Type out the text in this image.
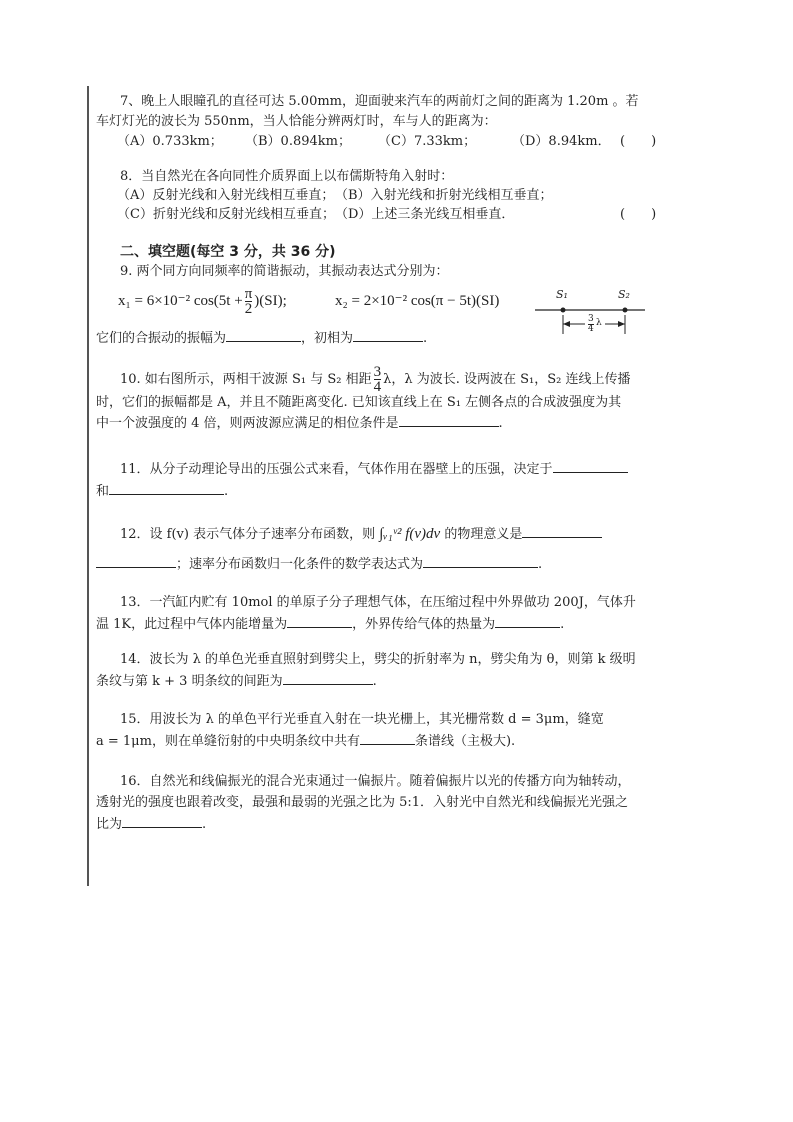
7、晚上人眼瞳孔的直径可达 5.00mm，迎面驶来汽车的两前灯之间的距离为 1.20m 。若
车灯灯光的波长为 550nm，当人恰能分辨两灯时，车与人的距离为：
（A）0.733km； （B）0.894km； （C）7.33km；	（D）8.94km． (　　)
8．当自然光在各向同性介质界面上以布儒斯特角入射时：
（A）反射光线和入射光线相互垂直； （B）入射光线和折射光线相互垂直；
（C）折射光线和反射光线相互垂直； （D）上述三条光线互相垂直．	(　　)
二、填空题(每空 3 分，共 36 分)
9. 两个同方向同频率的简谐振动，其振动表达式分别为：
x₁ = 6×10⁻² $\cos(5t + \frac{\pi}{2} )(SI)$;	x₂ = 2×10⁻² cos(π − 5t)(SI)
它们的合振动的振幅为	，初相为	.
S₁	S₂
3
4
λ
10. 如右图所示，两相干波源 S₁ 与 S₂ 相距 $\frac{3}{4}$ λ，λ 为波长. 设两波在 S₁，S₂ 连线上传播
时，它们的振幅都是 A，并且不随距离变化. 已知该直线上在 S₁ 左侧各点的合成波强度为其
中一个波强度的 4 倍，则两波源应满足的相位条件是	.
11．从分子动理论导出的压强公式来看，气体作用在器壁上的压强，决定于
和	.
12．设 f(v) 表示气体分子速率分布函数，则 ∫ᵥ₁ᵛ² f(v)dv 的物理意义是
；速率分布函数归一化条件的数学表达式为	.
13．一汽缸内贮有 10mol 的单原子分子理想气体，在压缩过程中外界做功 200J，气体升
温 1K，此过程中气体内能增量为	，外界传给气体的热量为	.
14．波长为 λ 的单色光垂直照射到劈尖上，劈尖的折射率为 n，劈尖角为 θ，则第 k 级明
条纹与第 k + 3 明条纹的间距为	.
15．用波长为 λ 的单色平行光垂直入射在一块光栅上，其光栅常数 d = 3μm，缝宽
a = 1μm，则在单缝衍射的中央明条纹中共有	条谱线（主极大).
16．自然光和线偏振光的混合光束通过一偏振片。随着偏振片以光的传播方向为轴转动，
透射光的强度也跟着改变，最强和最弱的光强之比为 5:1．入射光中自然光和线偏振光光强之
比为	.
